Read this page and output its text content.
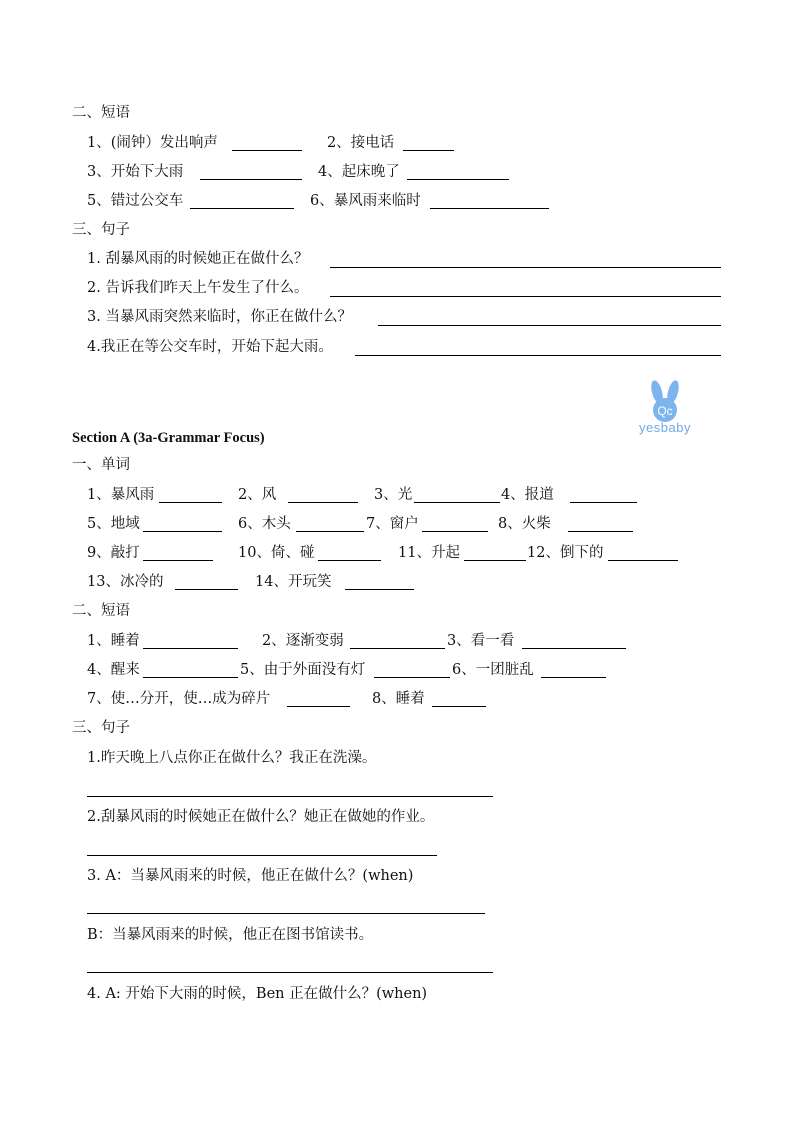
二、短语
1、(闹钟）发出响声	2、接电话
3、开始下大雨	4、起床晚了
5、错过公交车	6、暴风雨来临时
三、句子
1. 刮暴风雨的时候她正在做什么？
2. 告诉我们昨天上午发生了什么。
3. 当暴风雨突然来临时，你正在做什么？
4.我正在等公交车时，开始下起大雨。
Qc
yesbaby
Section A (3a-Grammar Focus)
一、单词
1、暴风雨	2、风	3、光	4、报道
5、地域	6、木头	7、窗户	8、火柴
9、敲打	10、倚、碰	11、升起	12、倒下的
13、冰冷的	14、开玩笑
二、短语
1、睡着	2、逐渐变弱	3、看一看
4、醒来	5、由于外面没有灯	6、一团脏乱
7、使…分开，使…成为碎片	8、睡着
三、句子
1.昨天晚上八点你正在做什么？我正在洗澡。
2.刮暴风雨的时候她正在做什么？她正在做她的作业。
3. A：当暴风雨来的时候，他正在做什么？(when)
B：当暴风雨来的时候，他正在图书馆读书。
4. A: 开始下大雨的时候，Ben 正在做什么？(when)
